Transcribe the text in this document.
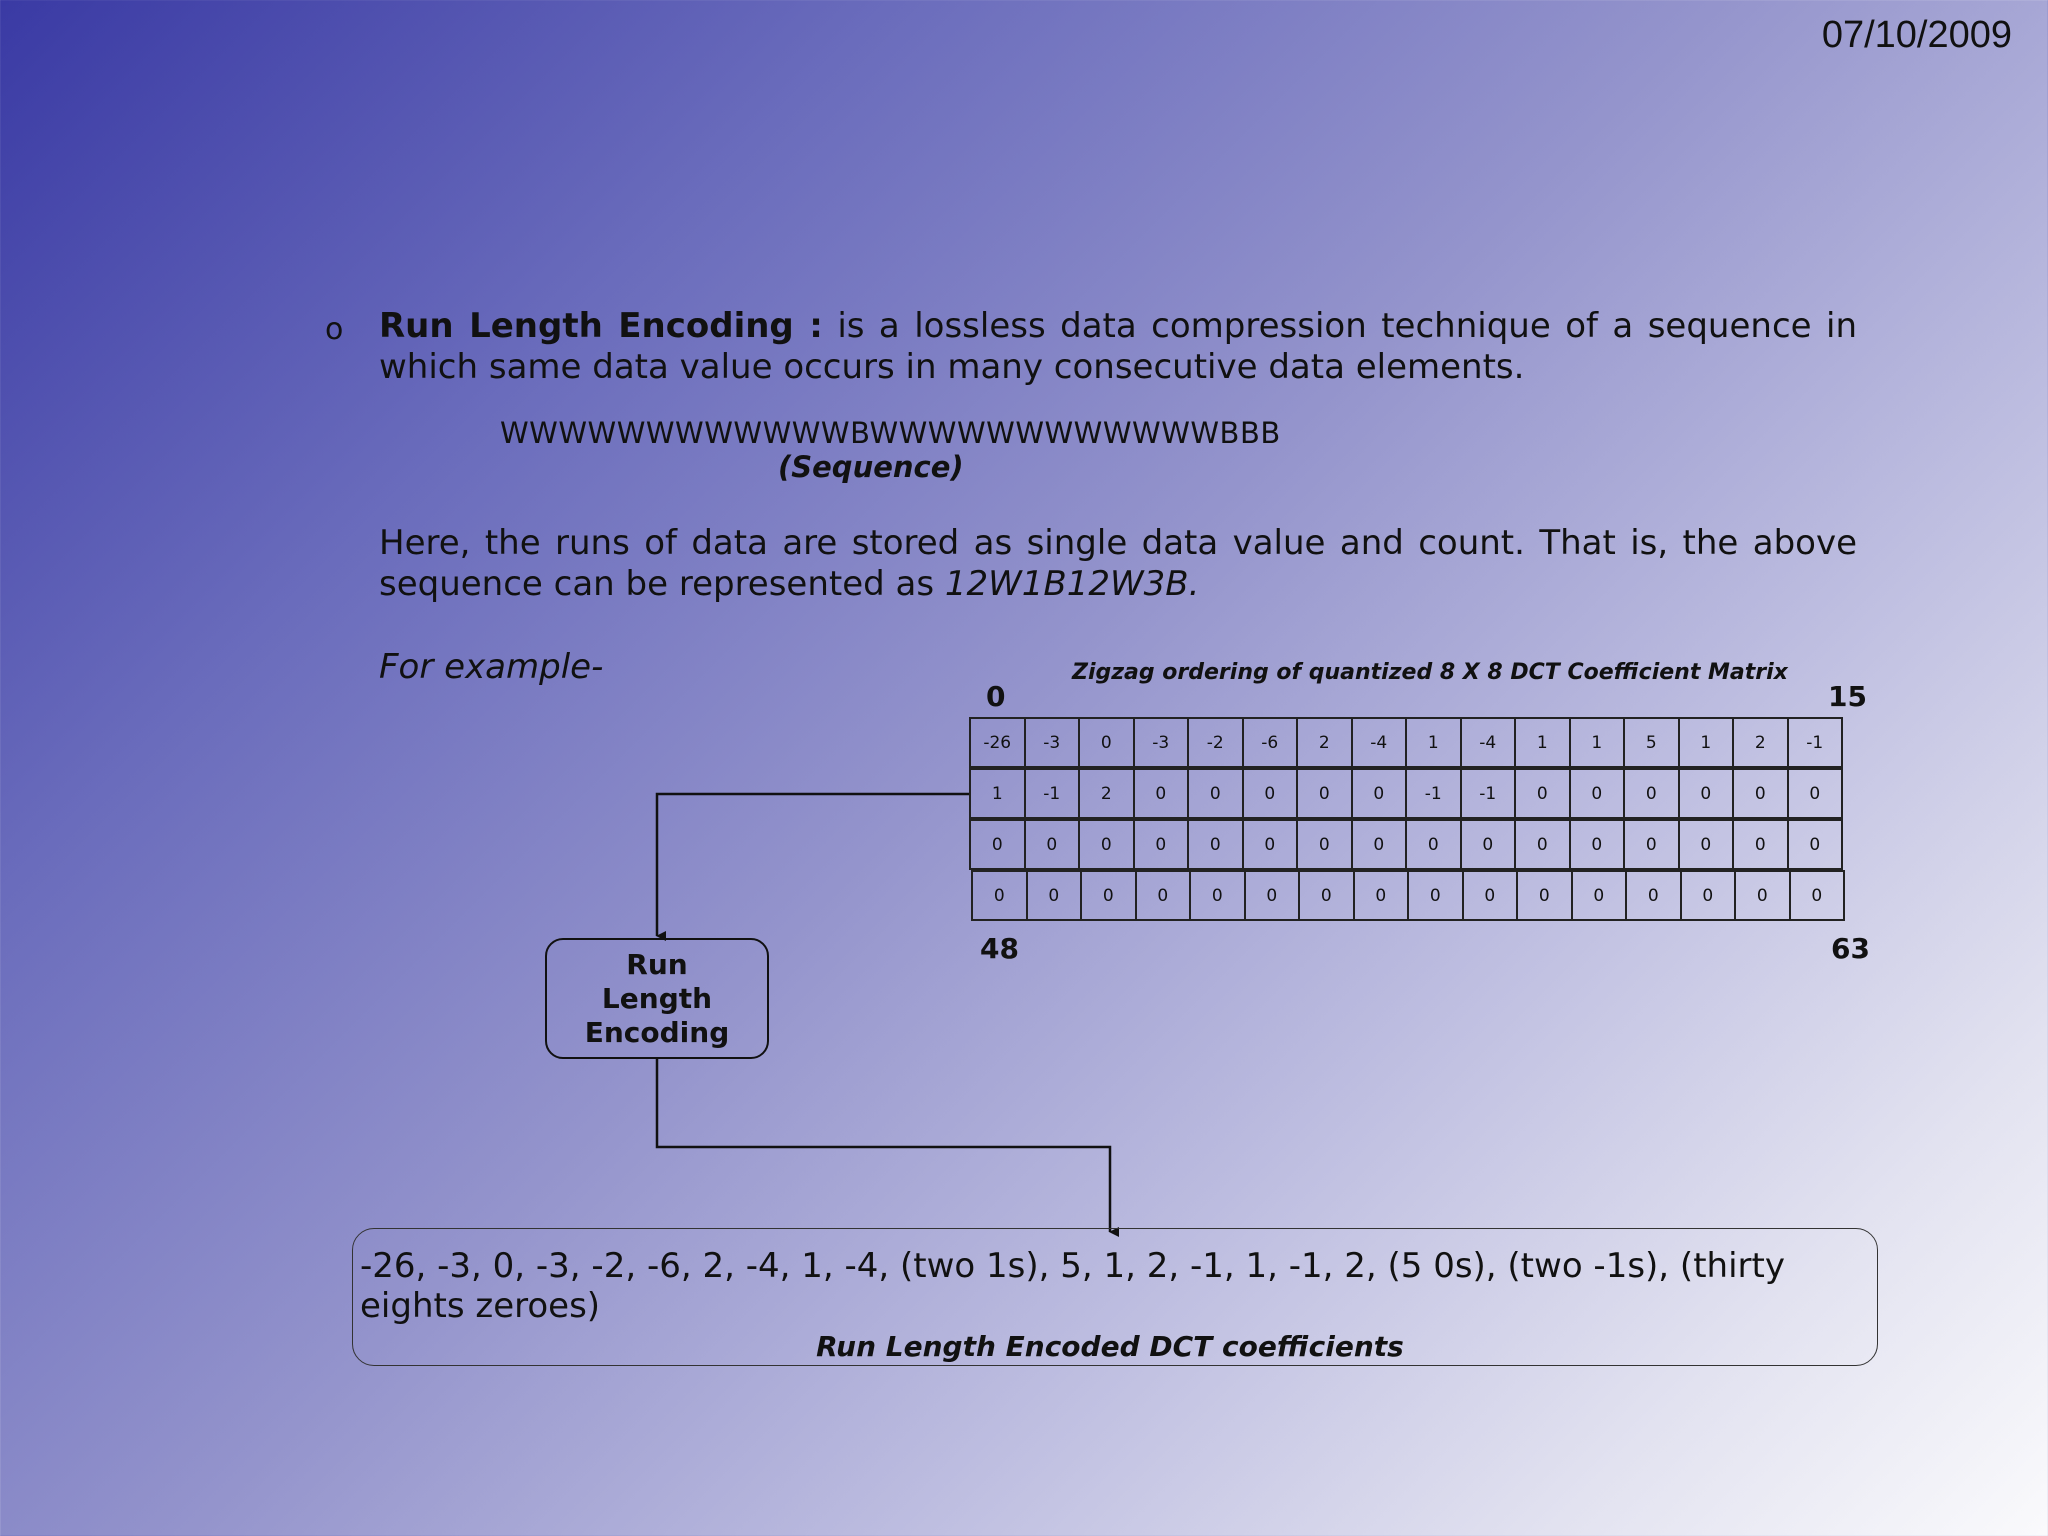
07/10/2009
o Run Length Encoding : is a lossless data compression technique of a sequence in which same data value occurs in many consecutive data elements.
WWWWWWWWWWWWBWWWWWWWWWWWWBBB
(Sequence)
Here, the runs of data are stored as single data value and count. That is, the above sequence can be represented as 12W1B12W3B.
For example-	Zigzag ordering of quantized 8 X 8 DCT Coefficient Matrix
0	15
48	63
-26	-3	0	-3	-2	-6	2	-4	1	-4	1	1	5	1	2	-1
1	-1	2	0	0	0	0	0	-1	-1	0	0	0	0	0	0
0	0	0	0	0	0	0	0	0	0	0	0	0	0	0	0
0	0	0	0	0	0	0	0	0	0	0	0	0	0	0	0
Run
Length
Encoding
-26, -3, 0, -3, -2, -6, 2, -4, 1, -4, (two 1s), 5, 1, 2, -1, 1, -1, 2, (5 0s), (two -1s), (thirty eights zeroes)
Run Length Encoded DCT coefficients
